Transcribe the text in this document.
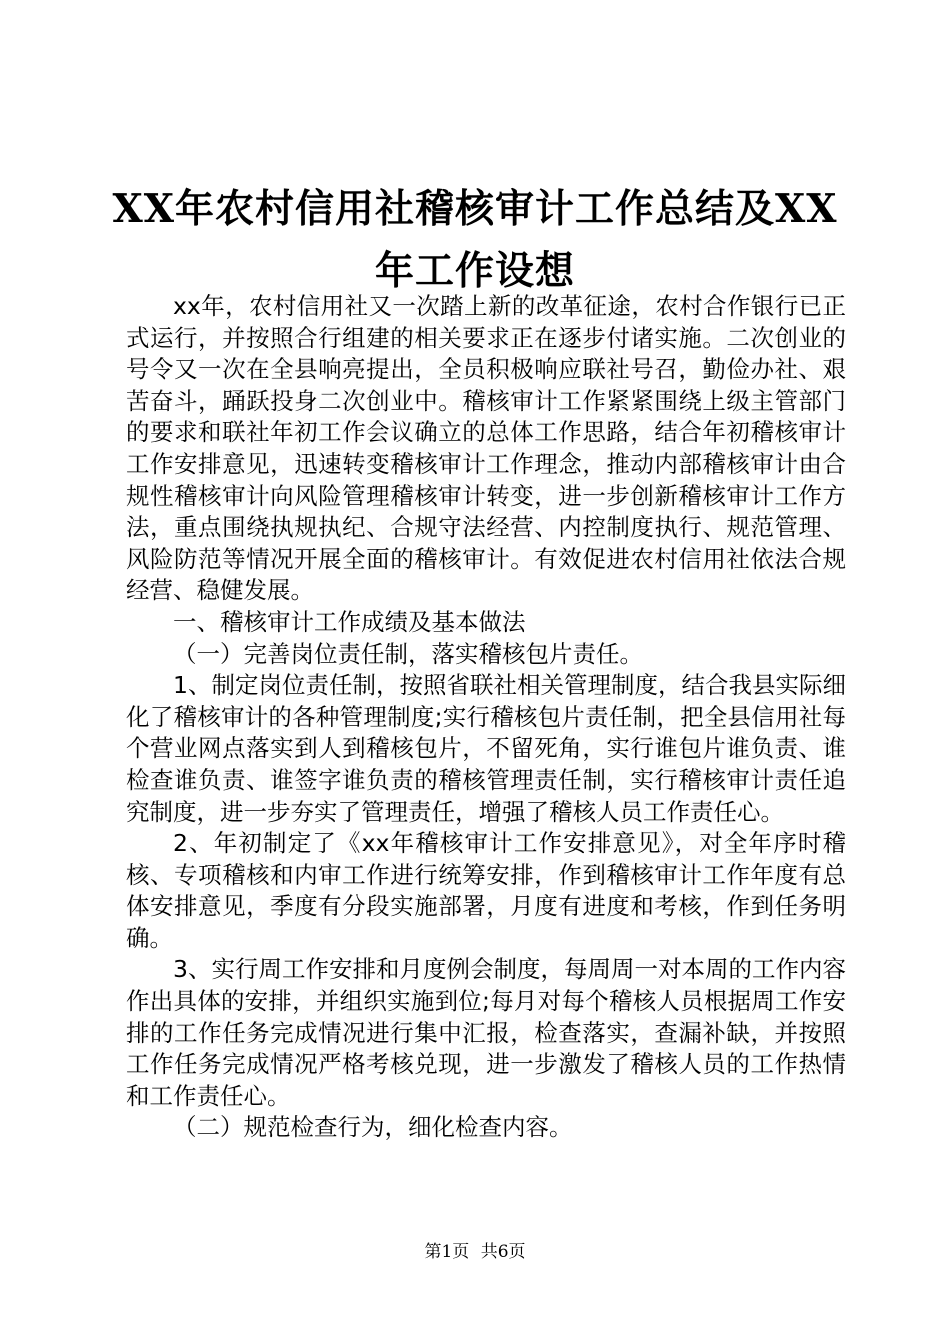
XX年农村信用社稽核审计工作总结及XX年工作设想

xx年，农村信用社又一次踏上新的改革征途，农村合作银行已正式运行，并按照合行组建的相关要求正在逐步付诸实施。二次创业的号令又一次在全县响亮提出，全员积极响应联社号召，勤俭办社、艰苦奋斗，踊跃投身二次创业中。稽核审计工作紧紧围绕上级主管部门的要求和联社年初工作会议确立的总体工作思路，结合年初稽核审计工作安排意见，迅速转变稽核审计工作理念，推动内部稽核审计由合规性稽核审计向风险管理稽核审计转变，进一步创新稽核审计工作方法，重点围绕执规执纪、合规守法经营、内控制度执行、规范管理、风险防范等情况开展全面的稽核审计。有效促进农村信用社依法合规经营、稳健发展。

一、稽核审计工作成绩及基本做法

（一）完善岗位责任制，落实稽核包片责任。

1、制定岗位责任制，按照省联社相关管理制度，结合我县实际细化了稽核审计的各种管理制度;实行稽核包片责任制，把全县信用社每个营业网点落实到人到稽核包片，不留死角，实行谁包片谁负责、谁检查谁负责、谁签字谁负责的稽核管理责任制，实行稽核审计责任追究制度，进一步夯实了管理责任，增强了稽核人员工作责任心。

2、年初制定了《xx年稽核审计工作安排意见》，对全年序时稽核、专项稽核和内审工作进行统筹安排，作到稽核审计工作年度有总体安排意见，季度有分段实施部署，月度有进度和考核，作到任务明确。

3、实行周工作安排和月度例会制度，每周周一对本周的工作内容作出具体的安排，并组织实施到位;每月对每个稽核人员根据周工作安排的工作任务完成情况进行集中汇报，检查落实，查漏补缺，并按照工作任务完成情况严格考核兑现，进一步激发了稽核人员的工作热情和工作责任心。

（二）规范检查行为，细化检查内容。

第1页 共6页
